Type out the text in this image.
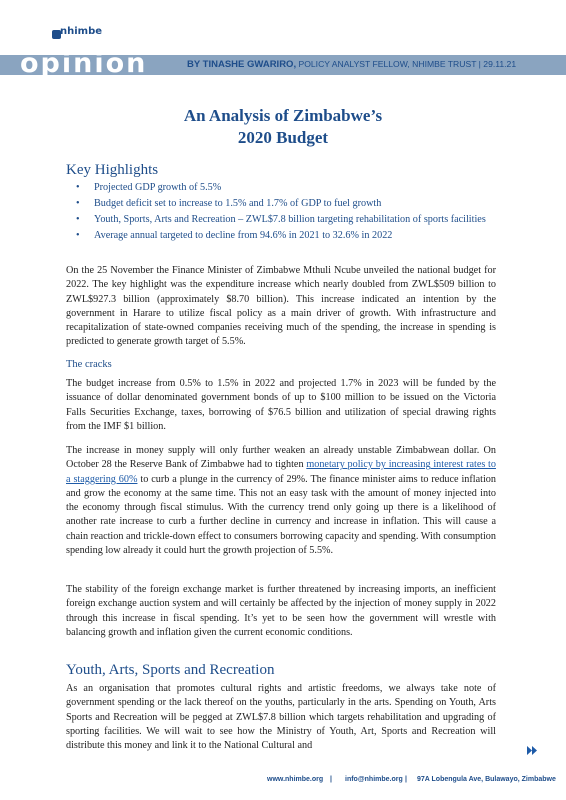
opinion
nhimbe
trust
BY TINASHE GWARIRO, POLICY ANALYST FELLOW, NHIMBE TRUST | 29.11.21
An Analysis of Zimbabwe’s
2020 Budget
Key Highlights
• Projected GDP growth of 5.5%
• Budget deficit set to increase to 1.5% and 1.7% of GDP to fuel growth
• Youth, Sports, Arts and Recreation – ZWL$7.8 billion targeting rehabilitation of sports facilities
• Average annual targeted to decline from 94.6% in 2021 to 32.6% in 2022

On the 25 November the Finance Minister of Zimbabwe Mthuli Ncube unveiled the national budget for 2022. The key highlight was the expenditure increase which nearly doubled from ZWL$509 billion to ZWL$927.3 billion (approximately $8.70 billion). This increase indicated an intention by the government in Harare to utilize fiscal policy as a main driver of growth. With infrastructure and recapitalization of state-owned companies receiving much of the spending, the increase in spending is predicted to generate growth target of 5.5%.

The cracks

The budget increase from 0.5% to 1.5% in 2022 and projected 1.7% in 2023 will be funded by the issuance of dollar denominated government bonds of up to $100 million to be issued on the Victoria Falls Securities Exchange, taxes, borrowing of $76.5 billion and utilization of special drawing rights from the IMF $1 billion.

The increase in money supply will only further weaken an already unstable Zimbabwean dollar. On October 28 the Reserve Bank of Zimbabwe had to tighten monetary policy by increasing interest rates to a staggering 60% to curb a plunge in the currency of 29%. The finance minister aims to reduce inflation and grow the economy at the same time. This not an easy task with the amount of money injected into the economy through fiscal stimulus. With the currency trend only going up there is a likelihood of another rate increase to curb a further decline in currency and increase in inflation. This will cause a chain reaction and trickle-down effect to consumers borrowing capacity and spending. With consumption spending low already it could hurt the growth projection of 5.5%.

The stability of the foreign exchange market is further threatened by increasing imports, an inefficient foreign exchange auction system and will certainly be affected by the injection of money supply in 2022 through this increase in fiscal spending. It’s yet to be seen how the government will wrestle with balancing growth and inflation given the current economic conditions.

Youth, Arts, Sports and Recreation

As an organisation that promotes cultural rights and artistic freedoms, we always take note of government spending or the lack thereof on the youths, particularly in the arts. Spending on Youth, Arts Sports and Recreation will be pegged at ZWL$7.8 billion which targets rehabilitation and upgrading of sporting facilities. We will wait to see how the Ministry of Youth, Art, Sports and Recreation will distribute this money and link it to the National Cultural and

www.nhimbe.org | info@nhimbe.org | 97A Lobengula Ave, Bulawayo, Zimbabwe
